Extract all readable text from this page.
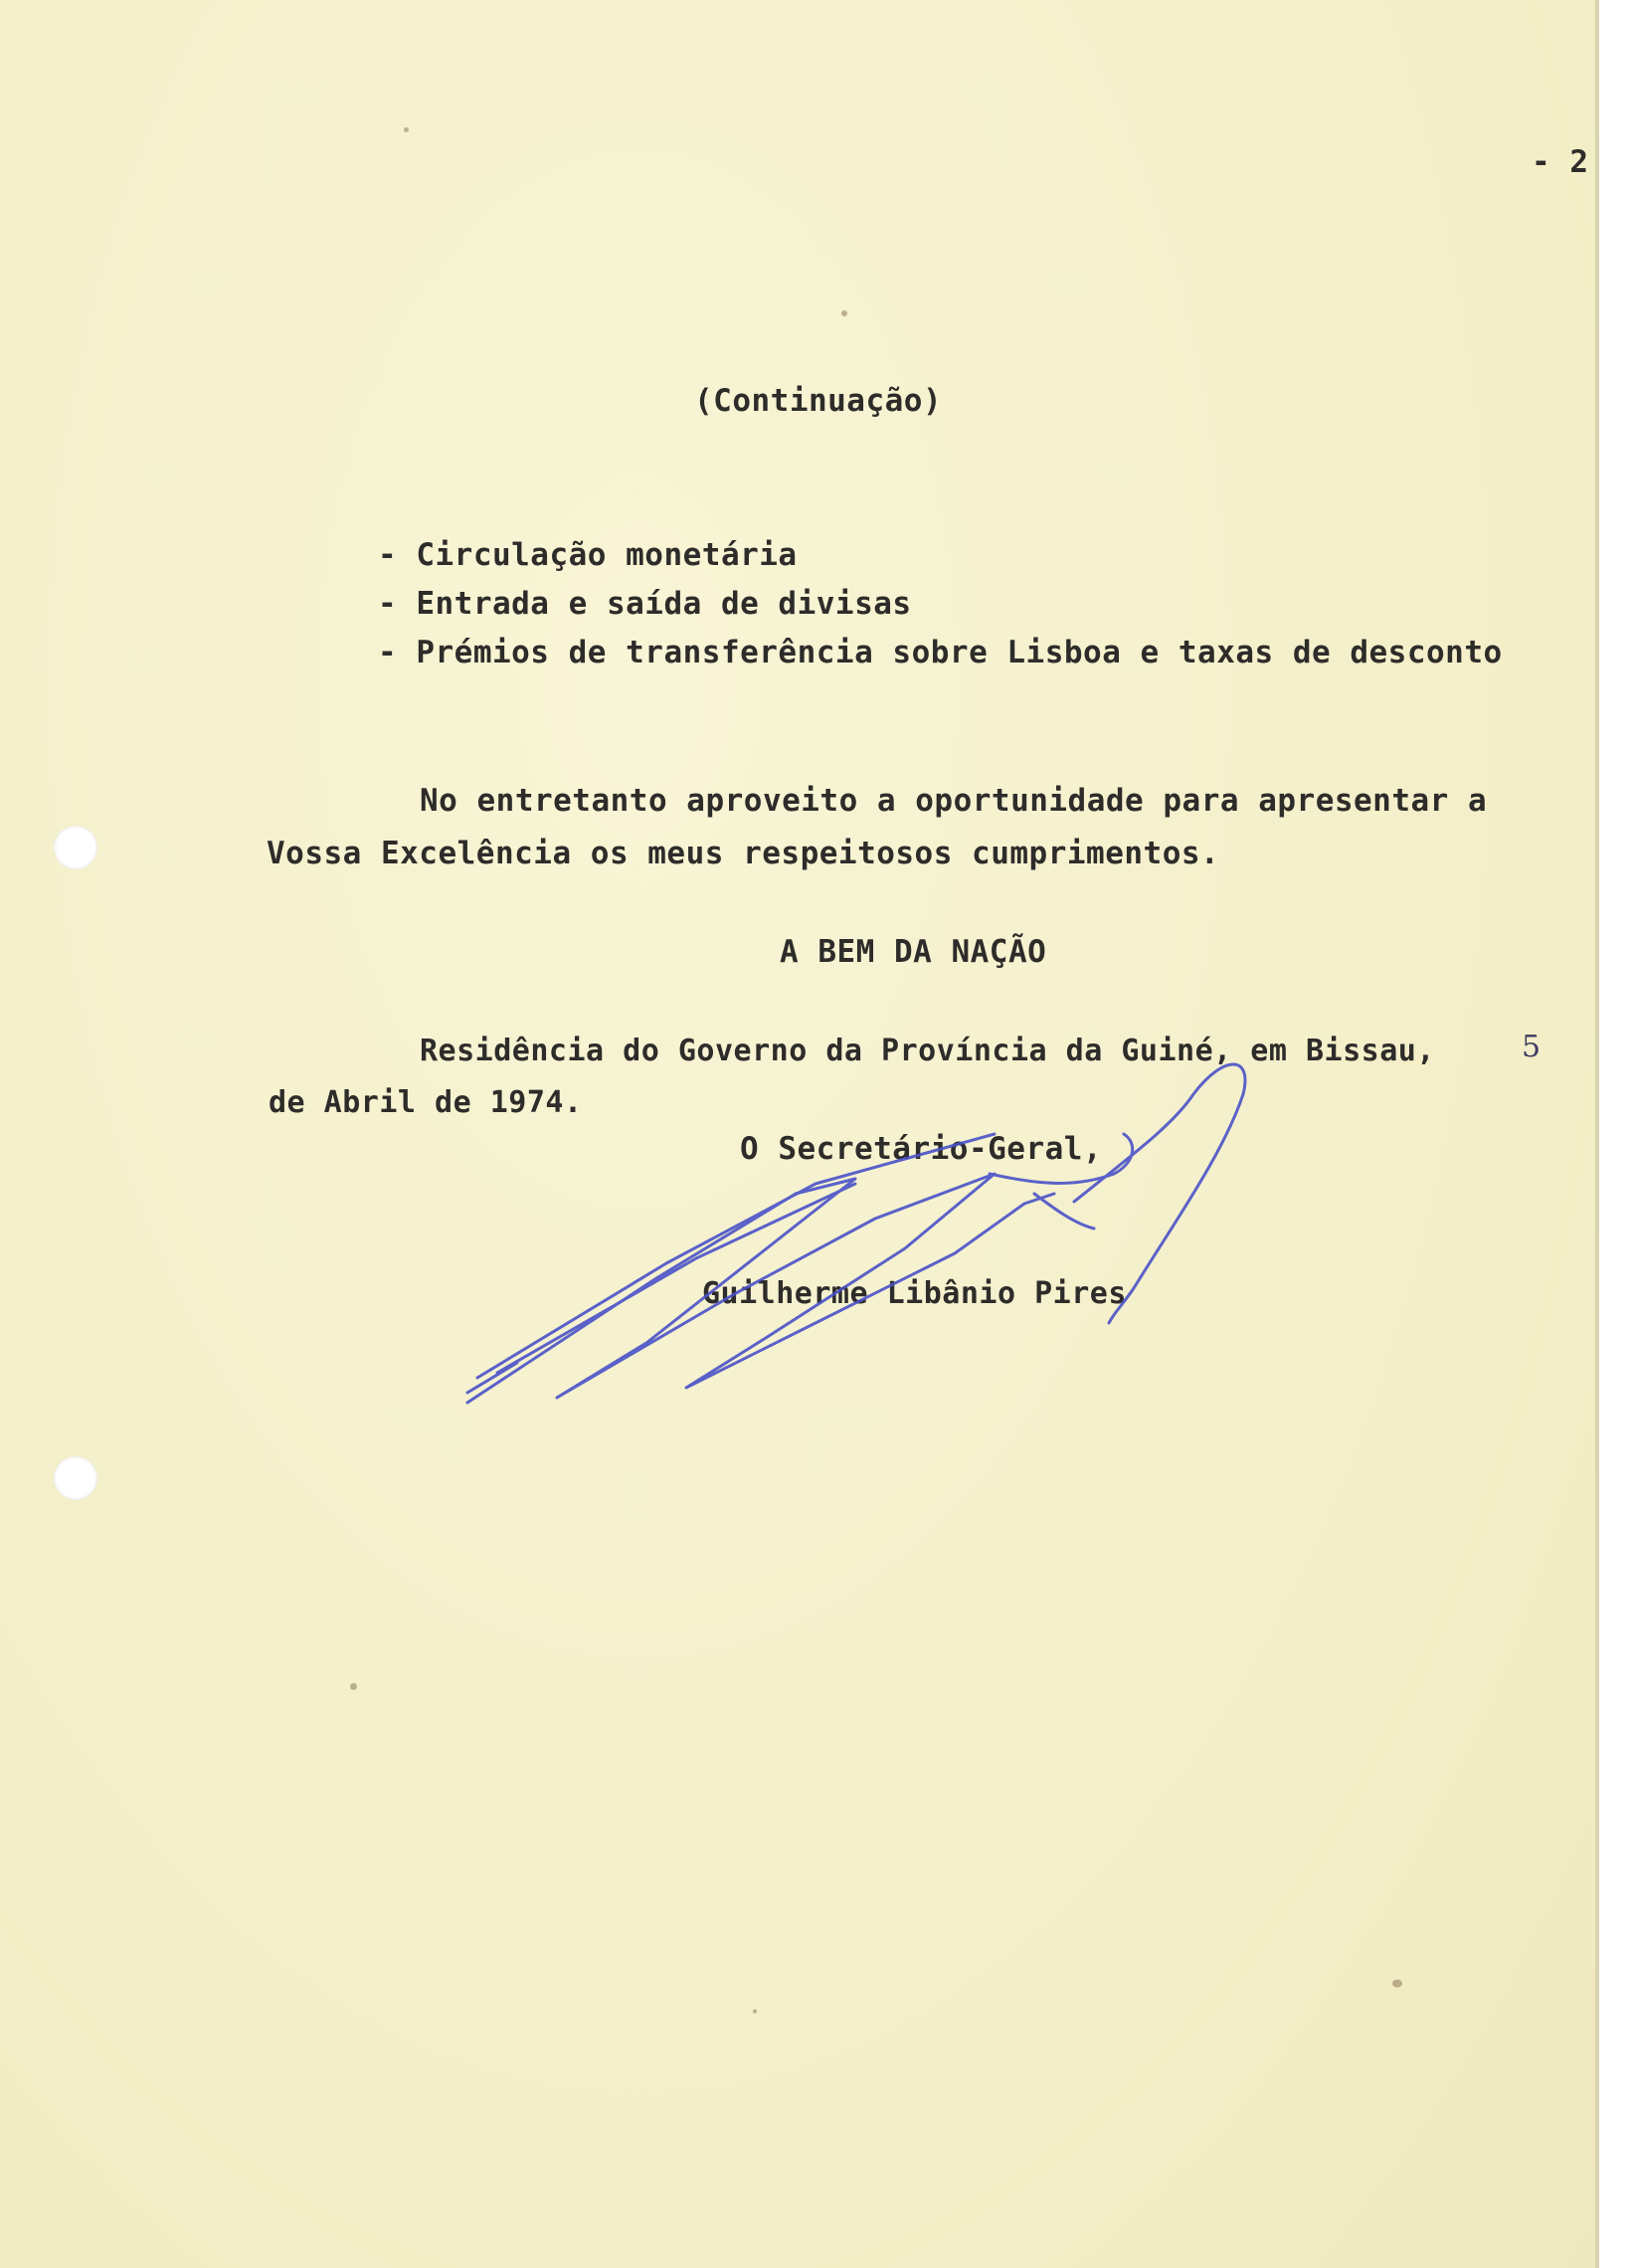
- 2
(Continuação)
- Circulação monetária
- Entrada e saída de divisas
- Prémios de transferência sobre Lisboa e taxas de desconto
No entretanto aproveito a oportunidade para apresentar a
Vossa Excelência os meus respeitosos cumprimentos.
A BEM DA NAÇÃO
Residência do Governo da Província da Guiné, em Bissau,	5
de Abril de 1974.
O Secretário-Geral,
Guilherme Libânio Pires
